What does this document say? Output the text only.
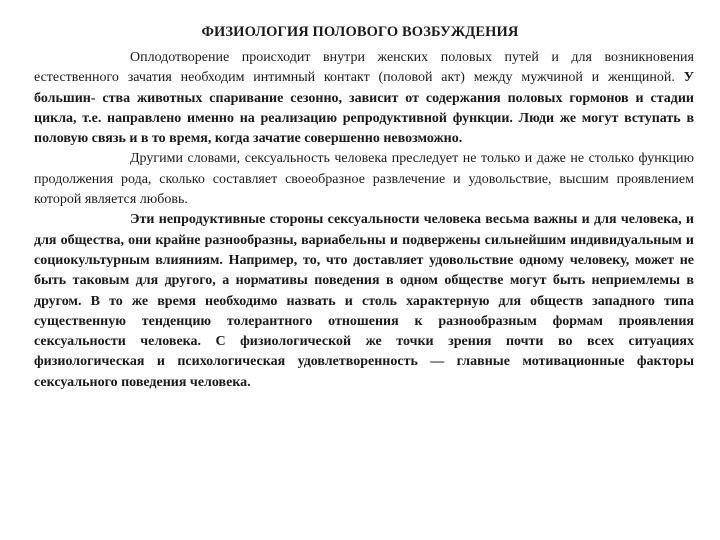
ФИЗИОЛОГИЯ ПОЛОВОГО ВОЗБУЖДЕНИЯ

Оплодотворение происходит внутри женских половых путей и для возникновения естественного зачатия необходим интимный контакт (половой акт) между мужчиной и женщиной. У большин- ства животных спаривание сезонно, зависит от содержания половых гормонов и стадии цикла, т.е. направлено именно на реализацию репродуктивной функции. Люди же могут вступать в половую связь и в то время, когда зачатие совершенно невозможно.

Другими словами, сексуальность человека преследует не только и даже не столько функцию продолжения рода, сколько составляет своеобразное развлечение и удовольствие, высшим проявлением которой является любовь.

Эти непродуктивные стороны сексуальности человека весьма важны и для человека, и для общества, они крайне разнообразны, вариабельны и подвержены сильнейшим индивидуальным и социокультурным влияниям. Например, то, что доставляет удовольствие одному человеку, может не быть таковым для другого, а нормативы поведения в одном обществе могут быть неприемлемы в другом. В то же время необходимо назвать и столь характерную для обществ западного типа существенную тенденцию толерантного отношения к разнообразным формам проявления сексуальности человека. С физиологической же точки зрения почти во всех ситуациях физиологическая и психологическая удовлетворенность — главные мотивационные факторы сексуального поведения человека.
